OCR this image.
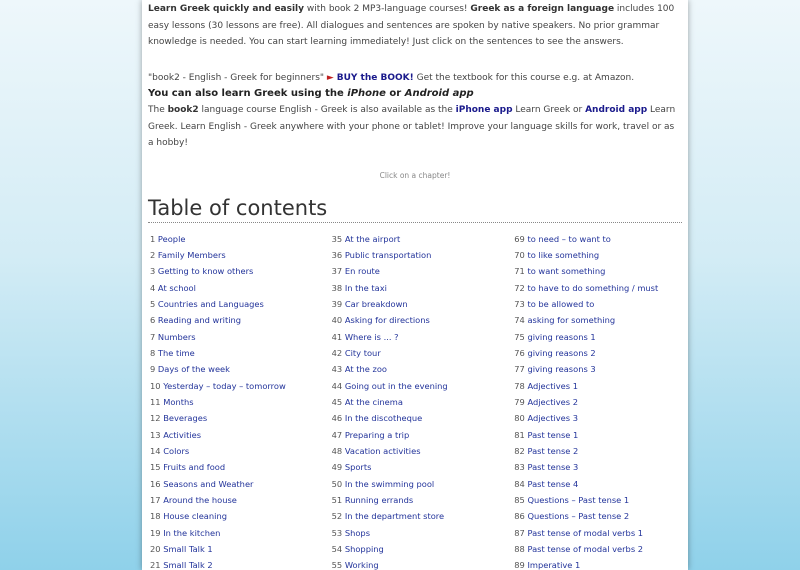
Learn Greek quickly and easily with book 2 MP3-language courses! Greek as a foreign language includes 100 easy lessons (30 lessons are free). All dialogues and sentences are spoken by native speakers. No prior grammar knowledge is needed. You can start learning immediately! Just click on the sentences to see the answers.

"book2 - English - Greek for beginners" ► BUY the BOOK! Get the textbook for this course e.g. at Amazon.

You can also learn Greek using the iPhone or Android app

The book2 language course English - Greek is also available as the iPhone app Learn Greek or Android app Learn Greek. Learn English - Greek anywhere with your phone or tablet! Improve your language skills for work, travel or as a hobby!

Click on a chapter!
Table of contents
1 People
2 Family Members
3 Getting to know others
4 At school
5 Countries and Languages
6 Reading and writing
7 Numbers
8 The time
9 Days of the week
10 Yesterday – today – tomorrow
11 Months
12 Beverages
13 Activities
14 Colors
15 Fruits and food
16 Seasons and Weather
17 Around the house
18 House cleaning
19 In the kitchen
20 Small Talk 1
21 Small Talk 2
35 At the airport
36 Public transportation
37 En route
38 In the taxi
39 Car breakdown
40 Asking for directions
41 Where is ... ?
42 City tour
43 At the zoo
44 Going out in the evening
45 At the cinema
46 In the discotheque
47 Preparing a trip
48 Vacation activities
49 Sports
50 In the swimming pool
51 Running errands
52 In the department store
53 Shops
54 Shopping
55 Working
69 to need – to want to
70 to like something
71 to want something
72 to have to do something / must
73 to be allowed to
74 asking for something
75 giving reasons 1
76 giving reasons 2
77 giving reasons 3
78 Adjectives 1
79 Adjectives 2
80 Adjectives 3
81 Past tense 1
82 Past tense 2
83 Past tense 3
84 Past tense 4
85 Questions – Past tense 1
86 Questions – Past tense 2
87 Past tense of modal verbs 1
88 Past tense of modal verbs 2
89 Imperative 1
